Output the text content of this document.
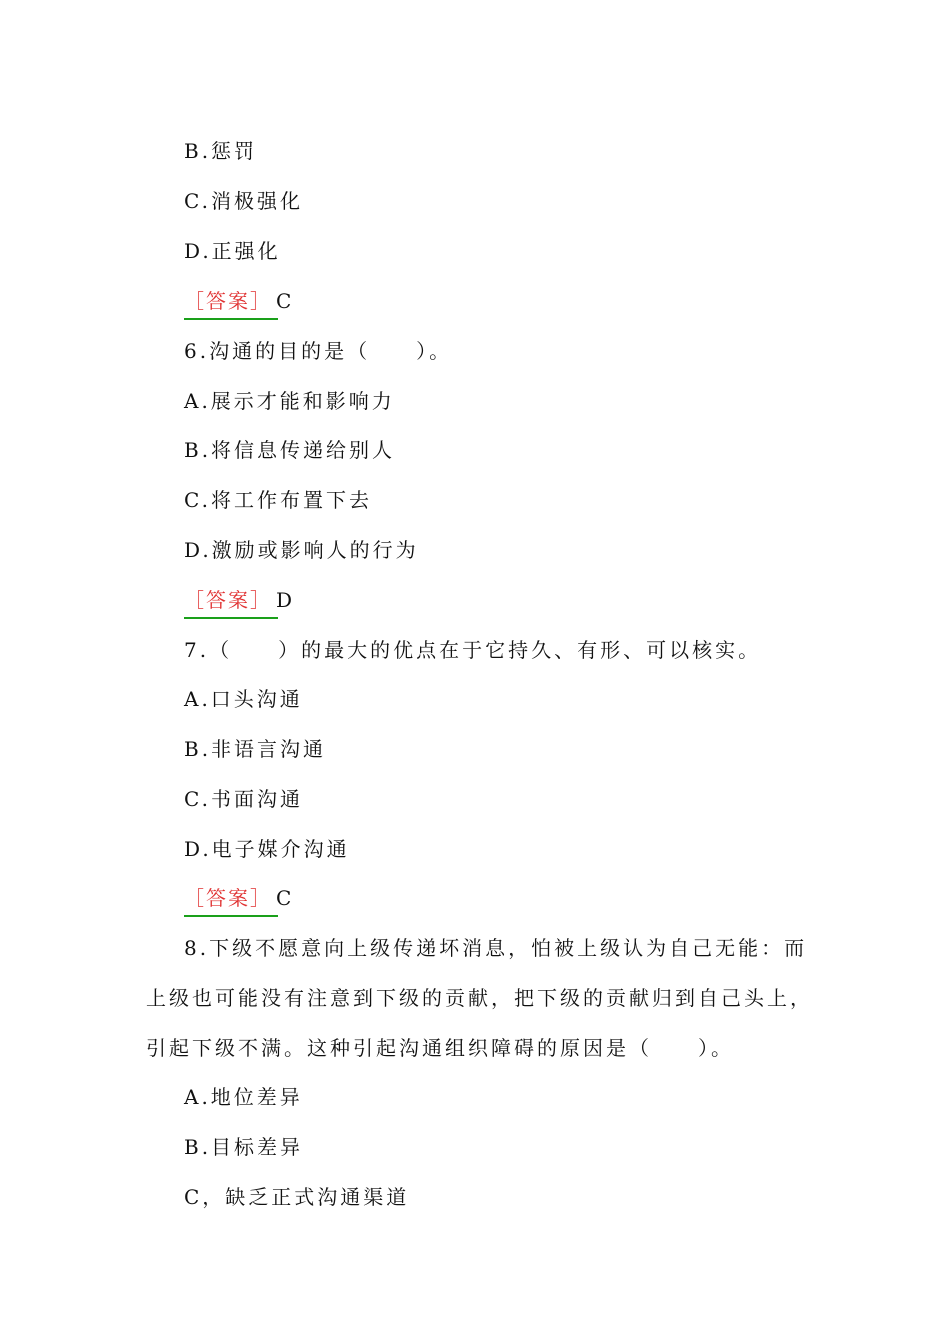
B.惩罚
C.消极强化
D.正强化
［答案］ C
6.沟通的目的是（　　）。
A.展示才能和影响力
B.将信息传递给别人
C.将工作布置下去
D.激励或影响人的行为
［答案］ D
7.（　　）的最大的优点在于它持久、有形、可以核实。
A.口头沟通
B.非语言沟通
C.书面沟通
D.电子媒介沟通
［答案］ C
8.下级不愿意向上级传递坏消息，怕被上级认为自己无能：而
上级也可能没有注意到下级的贡献，把下级的贡献归到自己头上，
引起下级不满。这种引起沟通组织障碍的原因是（　　）。
A.地位差异
B.目标差异
C，缺乏正式沟通渠道
